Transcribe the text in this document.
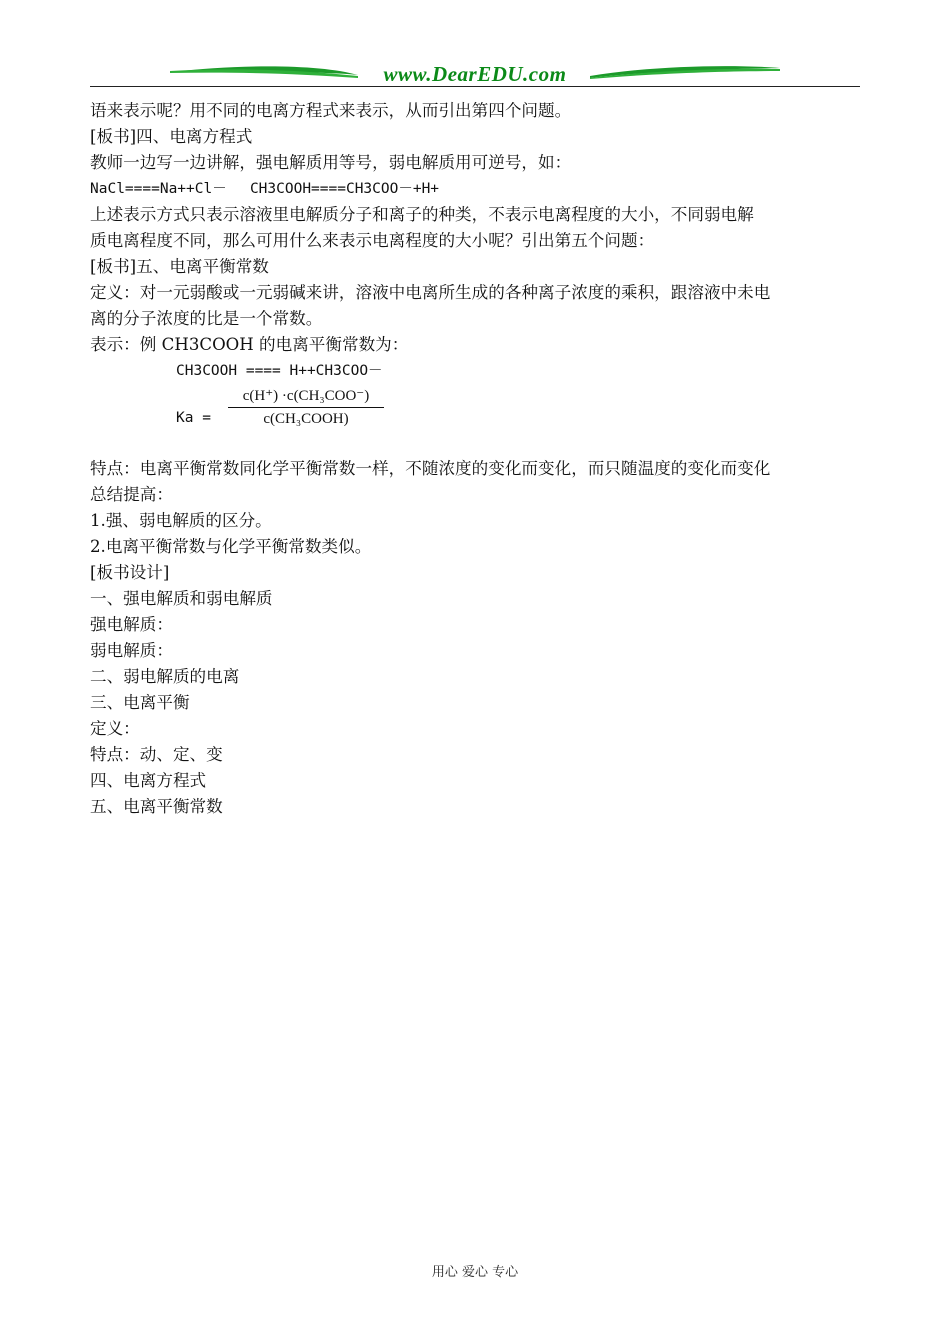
www.DearEDU.com
语来表示呢？用不同的电离方程式来表示，从而引出第四个问题。
[板书]四、电离方程式
教师一边写一边讲解，强电解质用等号，弱电解质用可逆号，如：
NaCl====Na++Cl－　 CH3COOH====CH3COO－+H+
上述表示方式只表示溶液里电解质分子和离子的种类，不表示电离程度的大小，不同弱电解
质电离程度不同，那么可用什么来表示电离程度的大小呢？引出第五个问题：
[板书]五、电离平衡常数
定义：对一元弱酸或一元弱碱来讲，溶液中电离所生成的各种离子浓度的乘积，跟溶液中未电
离的分子浓度的比是一个常数。
表示：例 CH3COOH 的电离平衡常数为：
CH3COOH ==== H++CH3COO－
c(H⁺) ·c(CH₃COO⁻)
c(CH₃COOH)
Ka =
特点：电离平衡常数同化学平衡常数一样，不随浓度的变化而变化，而只随温度的变化而变化
总结提高：
1.强、弱电解质的区分。
2.电离平衡常数与化学平衡常数类似。
[板书设计]
一、强电解质和弱电解质
强电解质：
弱电解质：
二、弱电解质的电离
三、电离平衡
定义：
特点：动、定、变
四、电离方程式
五、电离平衡常数
用心 爱心 专心
